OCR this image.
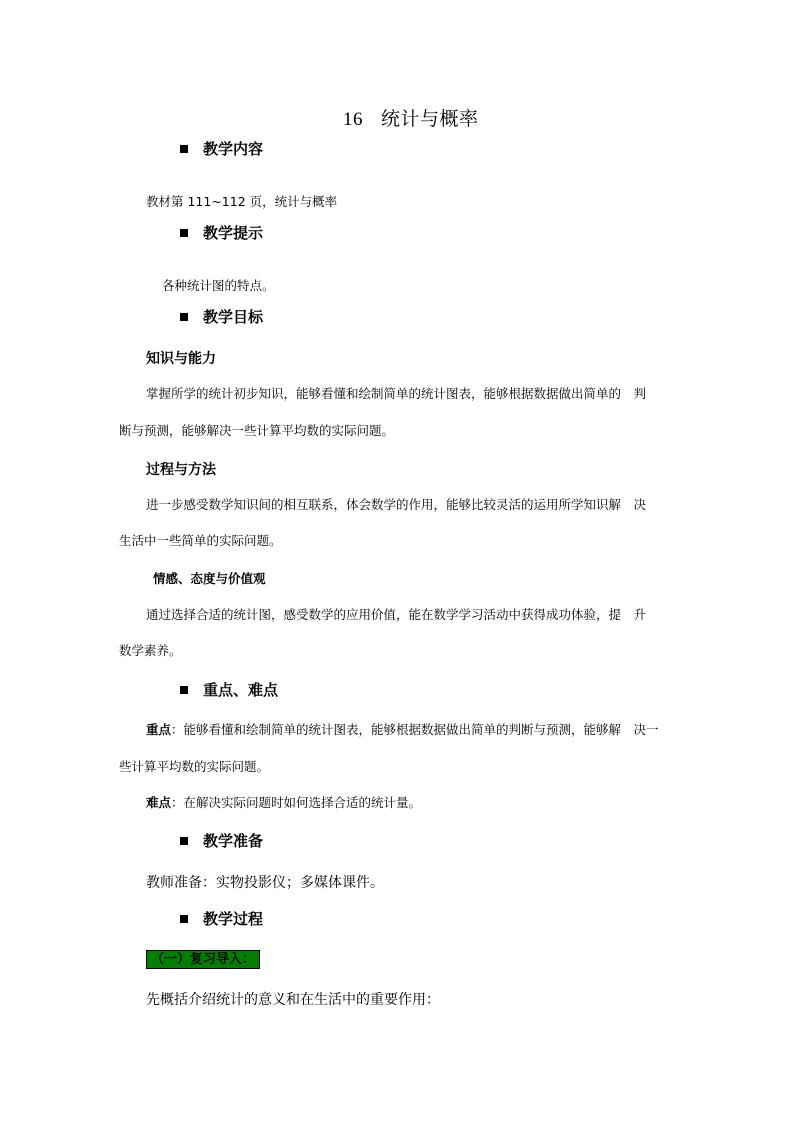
16 统计与概率
教学内容
教材第 111~112 页，统计与概率
教学提示
各种统计图的特点。
教学目标
知识与能力
掌握所学的统计初步知识，能够看懂和绘制简单的统计图表，能够根据数据做出简单的　判
断与预测，能够解决一些计算平均数的实际问题。
过程与方法
进一步感受数学知识间的相互联系，体会数学的作用，能够比较灵活的运用所学知识解　决
生活中一些简单的实际问题。
情感、态度与价值观
通过选择合适的统计图，感受数学的应用价值，能在数学学习活动中获得成功体验，提　升
数学素养。
重点、难点
重点：能够看懂和绘制简单的统计图表，能够根据数据做出简单的判断与预测，能够解　决一
些计算平均数的实际问题。
难点：在解决实际问题时如何选择合适的统计量。
教学准备
教师准备：实物投影仪；多媒体课件。
教学过程
（一）复习导入：
先概括介绍统计的意义和在生活中的重要作用：
